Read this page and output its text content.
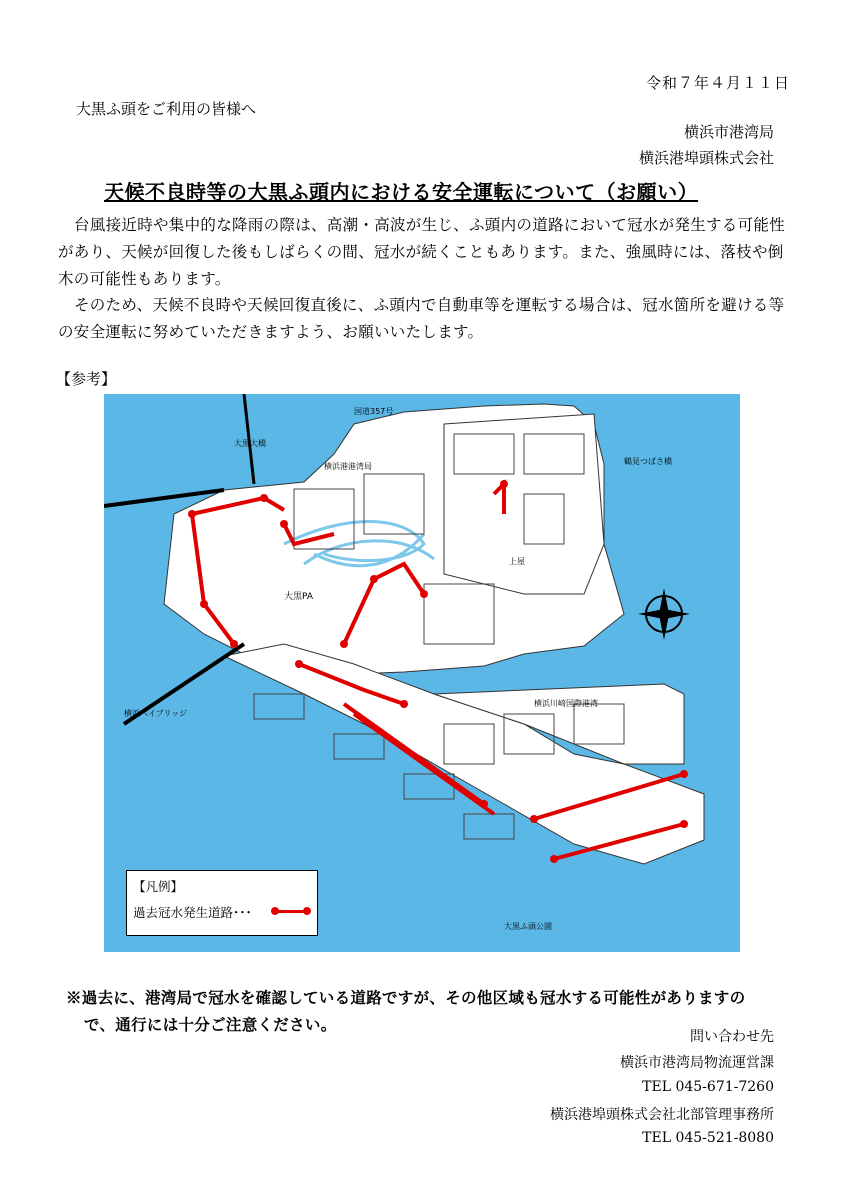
令和７年４月１１日
大黒ふ頭をご利用の皆様へ
横浜市港湾局
横浜港埠頭株式会社
天候不良時等の大黒ふ頭内における安全運転について（お願い）
台風接近時や集中的な降雨の際は、高潮・高波が生じ、ふ頭内の道路において冠水が発生する可能性があり、天候が回復した後もしばらくの間、冠水が続くこともあります。また、強風時には、落枝や倒木の可能性もあります。
そのため、天候不良時や天候回復直後に、ふ頭内で自動車等を運転する場合は、冠水箇所を避ける等の安全運転に努めていただきますよう、お願いいたします。
【参考】
国道357号
大黒PA
横浜ベイブリッジ
横浜港港湾局
横浜川崎国際港湾
大黒大橋
鶴見つばさ橋
大黒ふ頭公園
上屋
【凡例】
過去冠水発生道路･･･
※過去に、港湾局で冠水を確認している道路ですが、その他区域も冠水する可能性がありますの
で、通行には十分ご注意ください。
問い合わせ先
横浜市港湾局物流運営課
TEL 045-671-7260
横浜港埠頭株式会社北部管理事務所
TEL 045-521-8080
